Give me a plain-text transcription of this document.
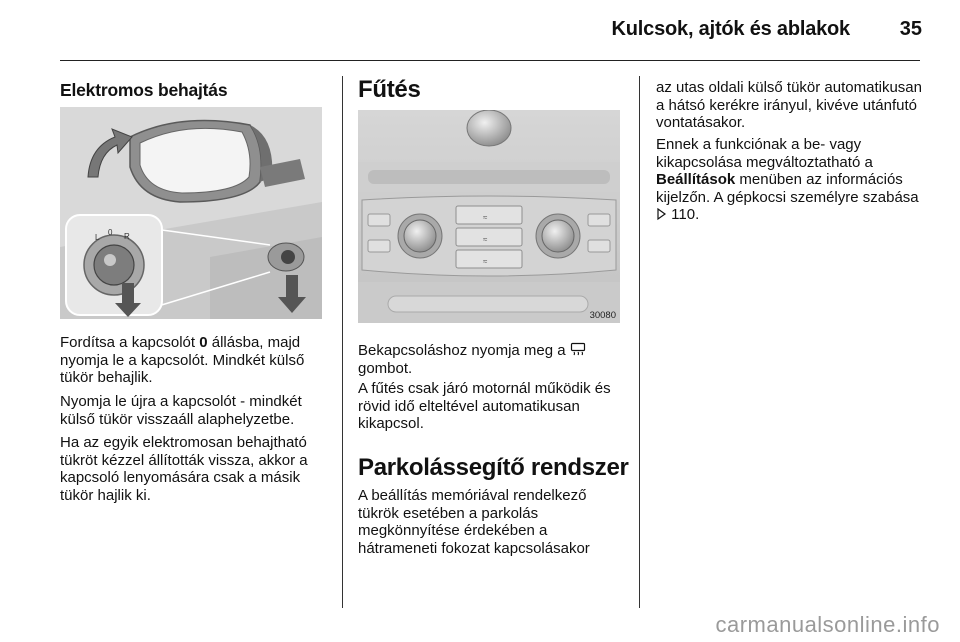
Kulcsok, ajtók és ablakok	35
Elektromos behajtás
L
0 R

Fordítsa a kapcsolót 0 állásba, majd nyomja le a kapcsolót. Mindkét külső tükör behajlik.

Nyomja le újra a kapcsolót - mindkét külső tükör visszaáll alaphelyzetbe.

Ha az egyik elektromosan behajtható tükröt kézzel állították vissza, akkor a kapcsoló lenyomására csak a másik tükör hajlik ki.

Fűtés
≈
≈
≈
30080

Bekapcsoláshoz nyomja meg a  gombot.

A fűtés csak járó motornál működik és rövid idő elteltével automatikusan kikapcsol.

Parkolássegítő rendszer

A beállítás memóriával rendelkező tükrök esetében a parkolás megkönnyítése érdekében a hátrameneti fokozat kapcsolásakor

az utas oldali külső tükör automatikusan a hátsó kerékre irányul, kivéve utánfutó vontatásakor.

Ennek a funkciónak a be- vagy kikapcsolása megváltoztatható a Beállítások menüben az információs kijelzőn. A gépkocsi személyre szabása  110.

carmanualsonline.info
